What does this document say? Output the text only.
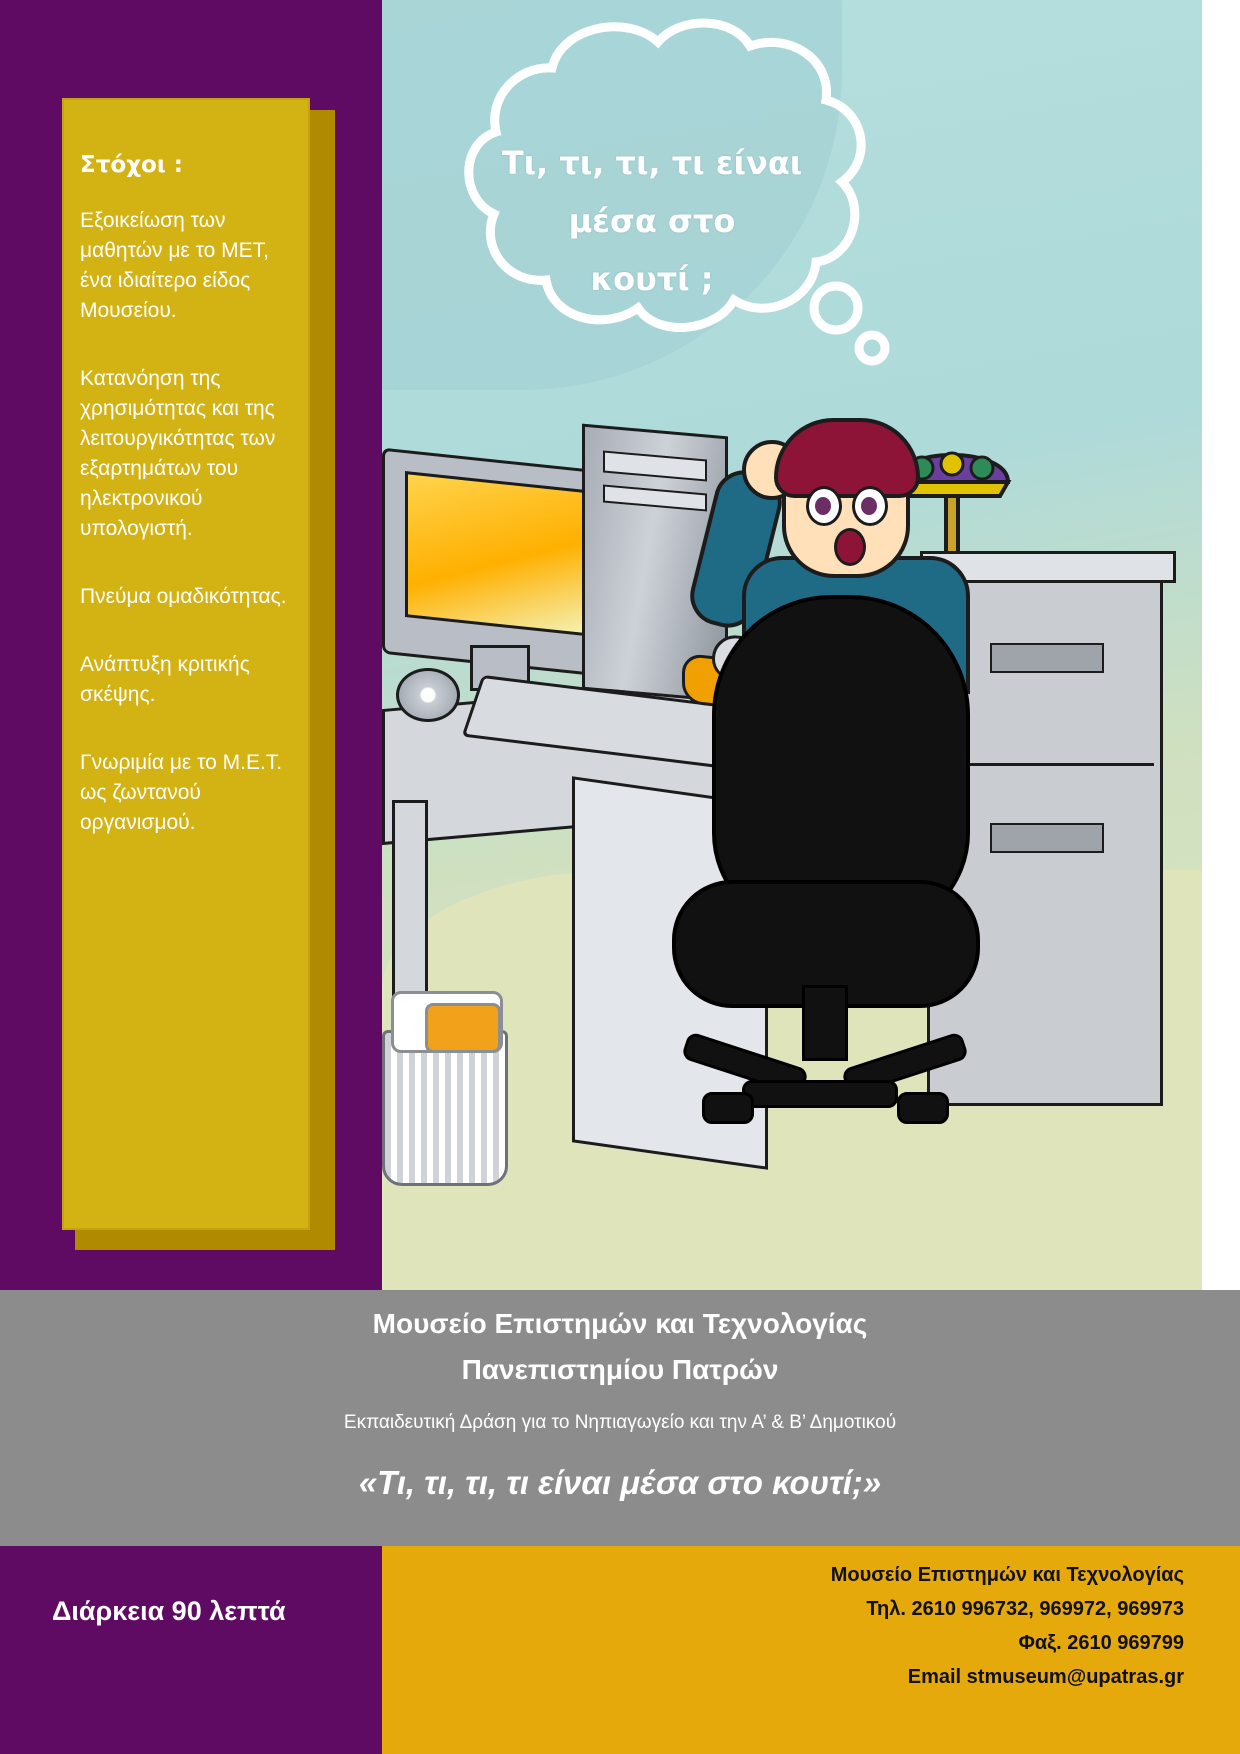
Τι, τι, τι, τι είναι
μέσα στο
κουτί ;
Στόχοι :

Εξοικείωση των μαθητών με το ΜΕΤ, ένα ιδιαίτερο είδος Μουσείου.

Κατανόηση της χρησιμότητας και της λειτουργικότητας των εξαρτημάτων του ηλεκτρονικού υπολογιστή.

Πνεύμα ομαδικότητας.

Ανάπτυξη κριτικής σκέψης.

Γνωριμία με το Μ.Ε.Τ. ως ζωντανού οργανισμού.

Μουσείο Επιστημών και Τεχνολογίας
Πανεπιστημίου Πατρών
Εκπαιδευτική Δράση για το Νηπιαγωγείο και την Α’ & Β’ Δημοτικού
«Τι, τι, τι, τι είναι μέσα στο κουτί;»
Διάρκεια 90 λεπτά
Μουσείο Επιστημών και Τεχνολογίας
Τηλ. 2610 996732, 969972, 969973
Φαξ. 2610 969799
Email stmuseum@upatras.gr
